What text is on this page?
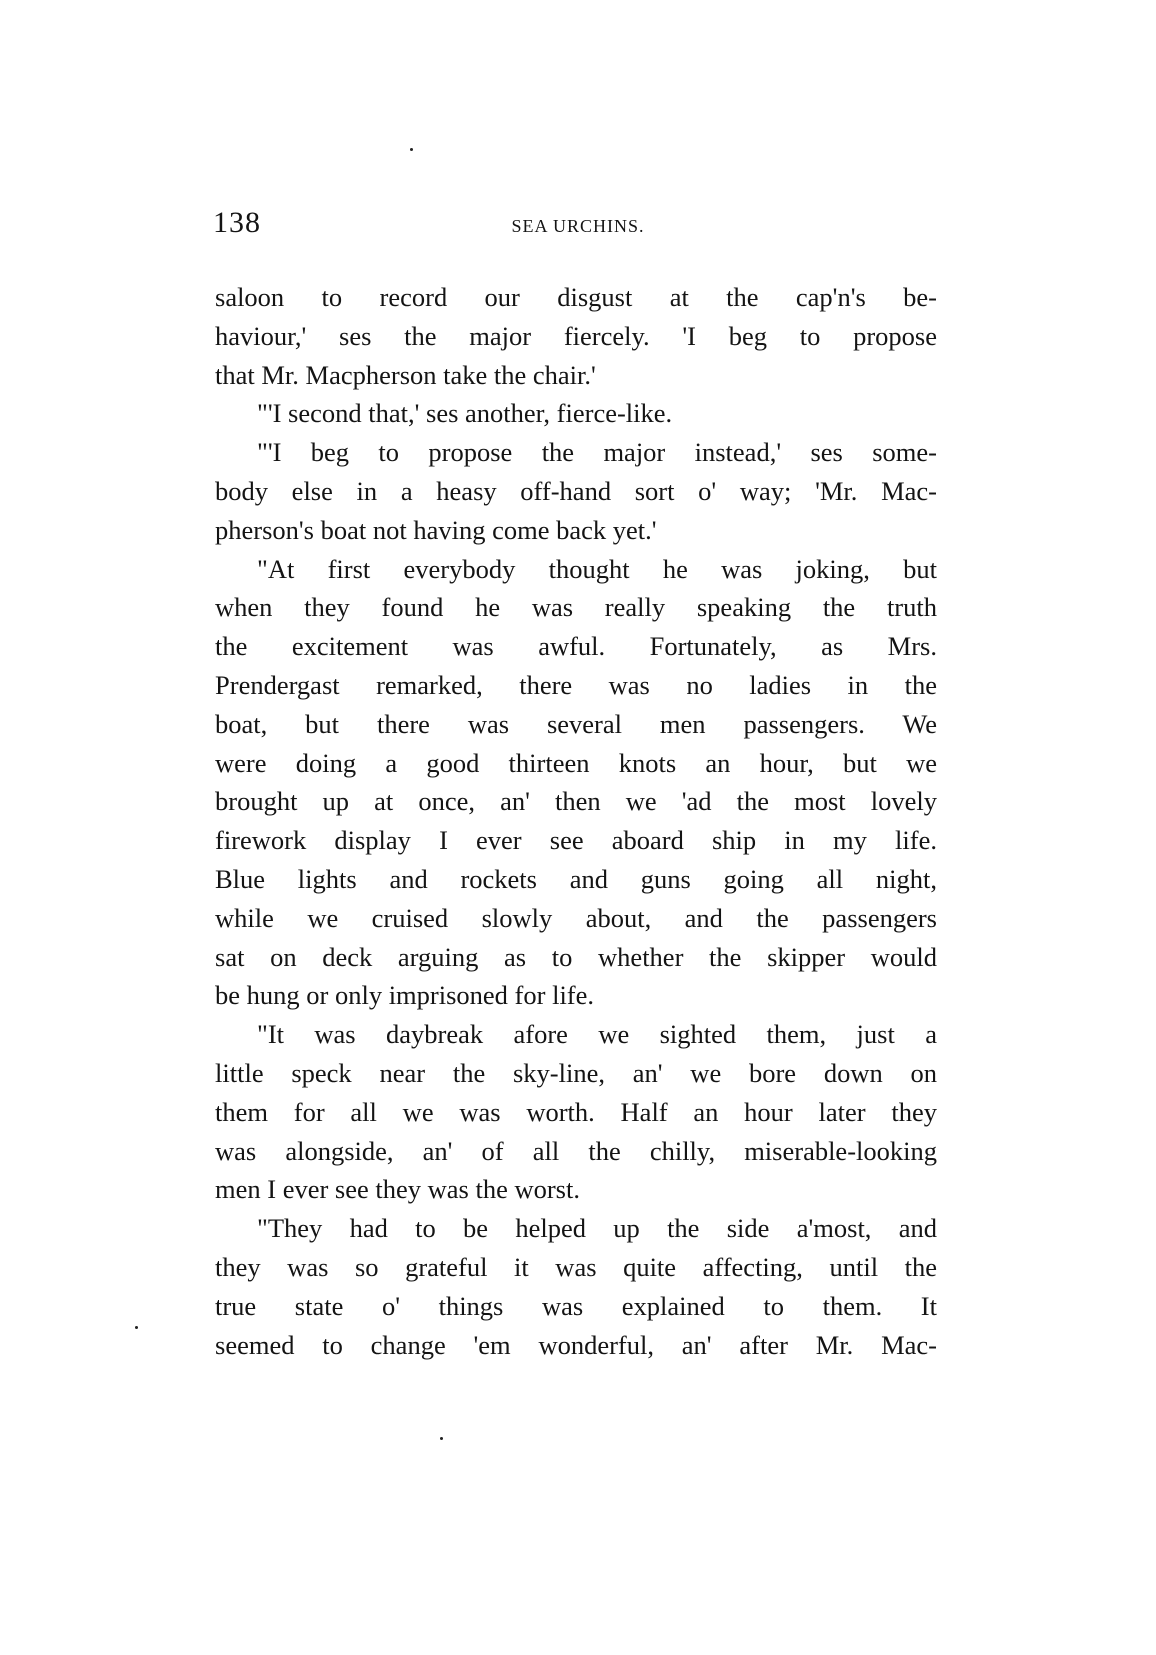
138	SEA URCHINS.
saloon to record our disgust at the cap'n's be-
haviour,' ses the major fiercely. 'I beg to propose
that Mr. Macpherson take the chair.'
"'I second that,' ses another, fierce-like.
"'I beg to propose the major instead,' ses some-
body else in a heasy off-hand sort o' way; 'Mr. Mac-
pherson's boat not having come back yet.'
"At first everybody thought he was joking, but
when they found he was really speaking the truth
the excitement was awful. Fortunately, as Mrs.
Prendergast remarked, there was no ladies in the
boat, but there was several men passengers. We
were doing a good thirteen knots an hour, but we
brought up at once, an' then we 'ad the most lovely
firework display I ever see aboard ship in my life.
Blue lights and rockets and guns going all night,
while we cruised slowly about, and the passengers
sat on deck arguing as to whether the skipper would
be hung or only imprisoned for life.
"It was daybreak afore we sighted them, just a
little speck near the sky-line, an' we bore down on
them for all we was worth. Half an hour later they
was alongside, an' of all the chilly, miserable-looking
men I ever see they was the worst.
"They had to be helped up the side a'most, and
they was so grateful it was quite affecting, until the
true state o' things was explained to them. It
seemed to change 'em wonderful, an' after Mr. Mac-
